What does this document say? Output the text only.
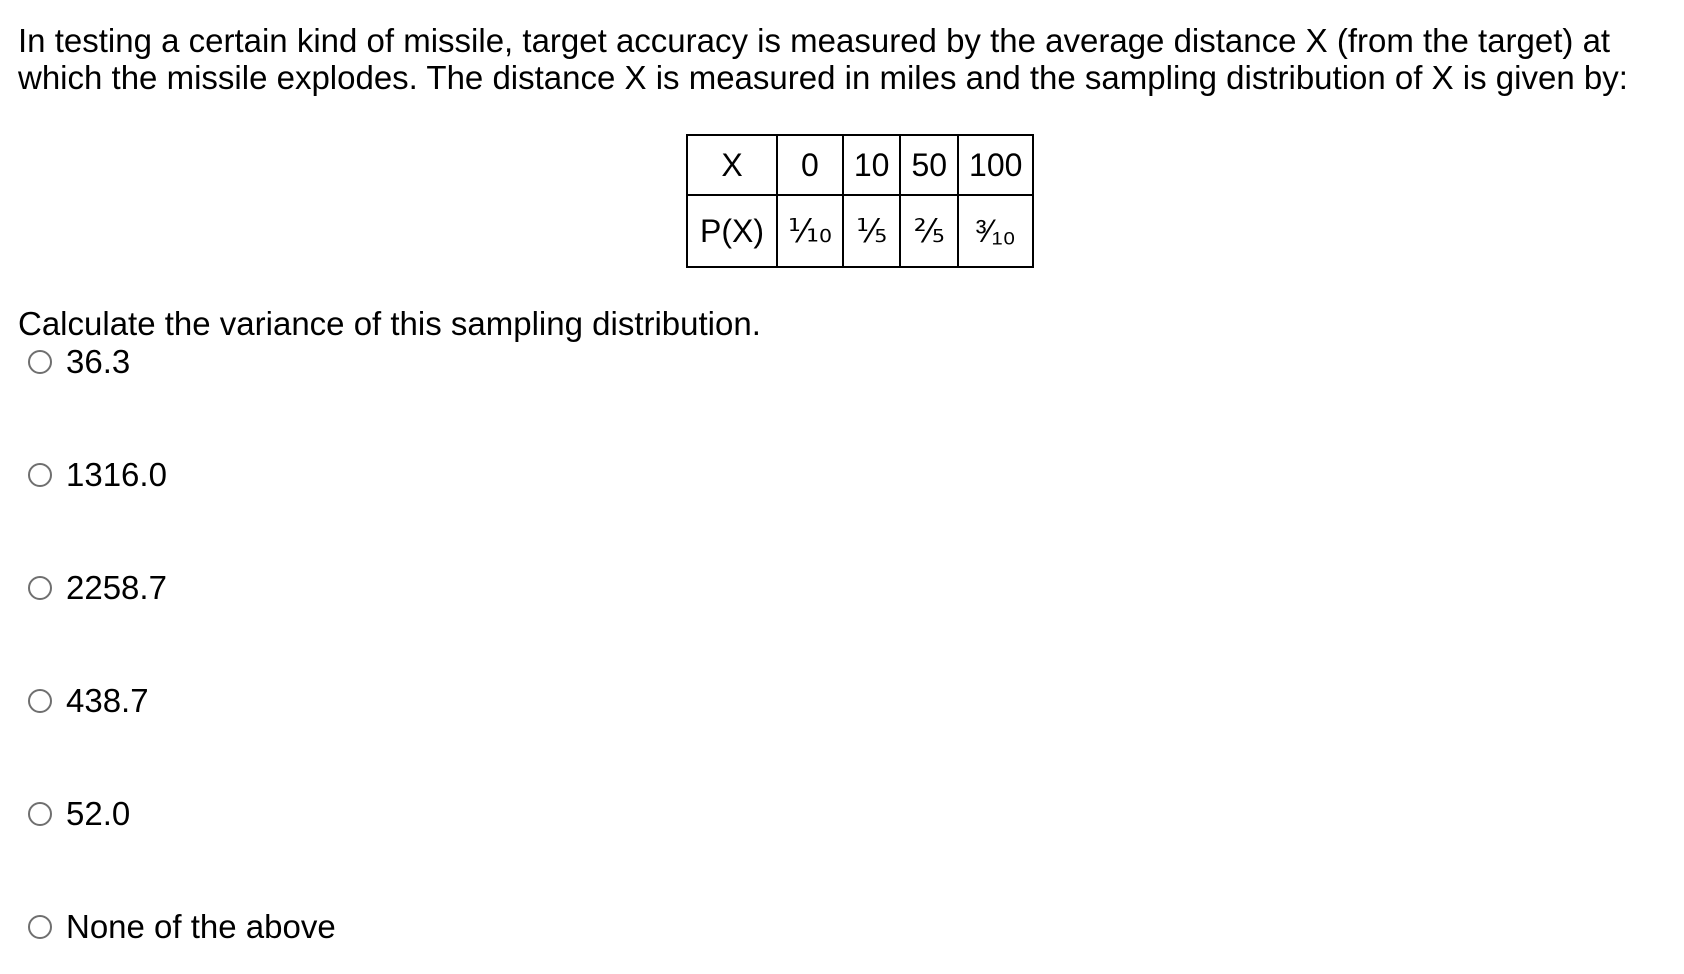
In testing a certain kind of missile, target accuracy is measured by the average distance X (from the target) at which the missile explodes. The distance X is measured in miles and the sampling distribution of X is given by:

X	0	10	50	100
P(X)	⅒	⅕	⅖	³⁄₁₀

Calculate the variance of this sampling distribution.

36.3
1316.0
2258.7
438.7
52.0
None of the above
